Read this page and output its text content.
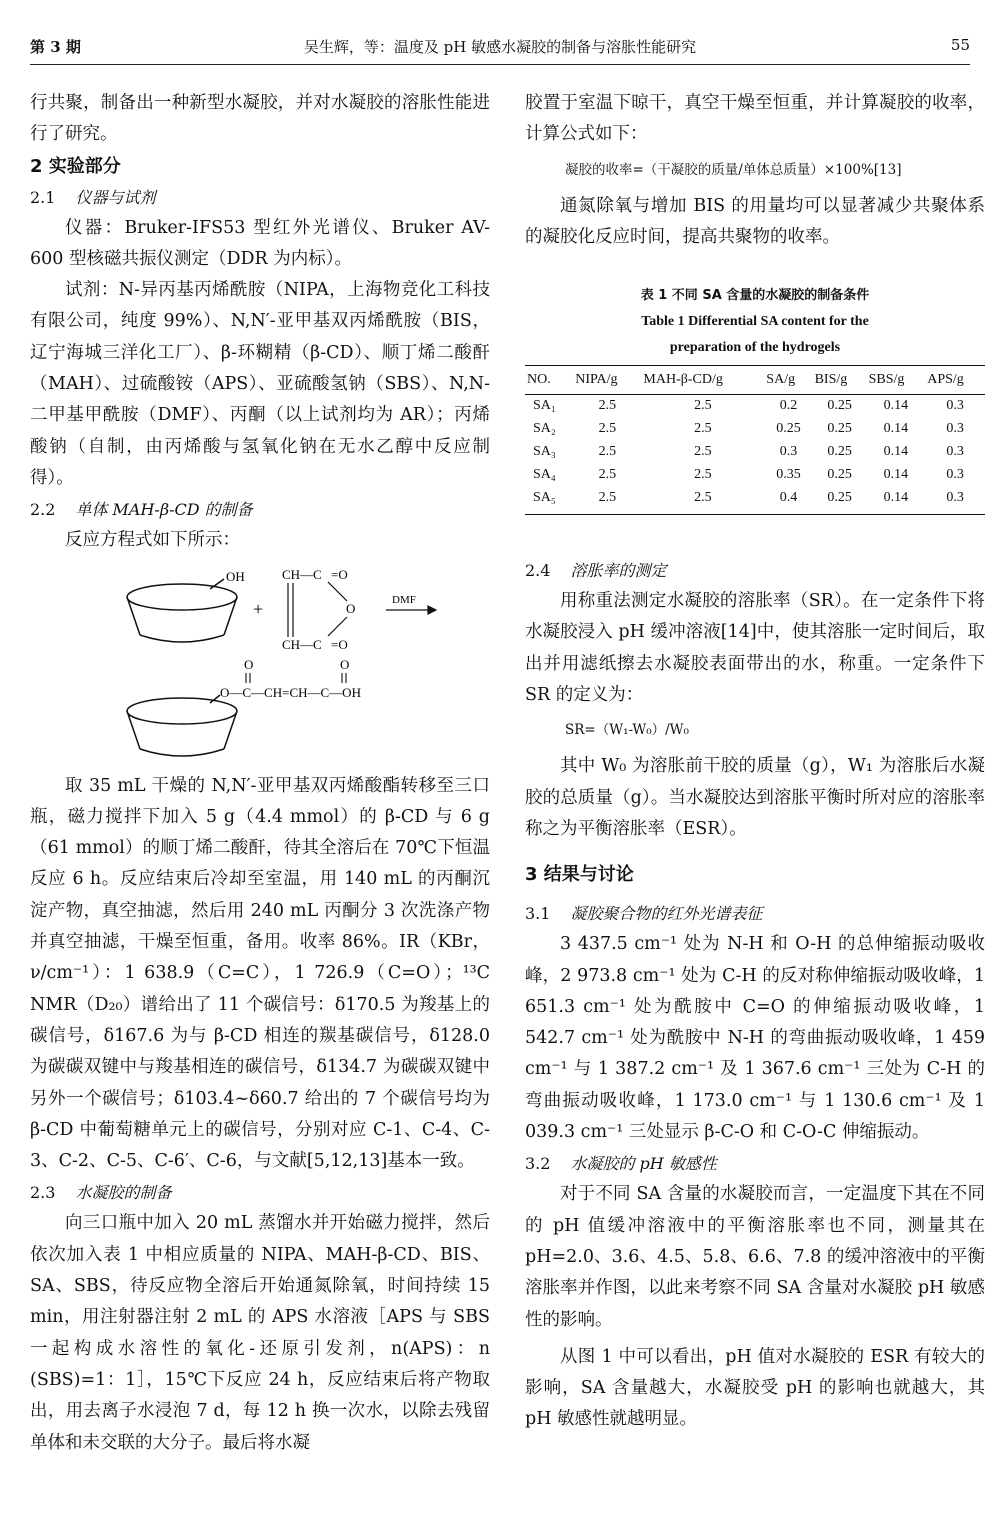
第 3 期	吴生辉，等：温度及 pH 敏感水凝胶的制备与溶胀性能研究	55

行共聚，制备出一种新型水凝胶，并对水凝胶的溶胀性能进行了研究。

2 实验部分

2.1 仪器与试剂

仪器：Bruker-IFS53 型红外光谱仪、Bruker AV-600 型核磁共振仪测定（DDR 为内标）。

试剂：N-异丙基丙烯酰胺（NIPA，上海物竞化工科技有限公司，纯度 99%）、N,N′-亚甲基双丙烯酰胺（BIS，辽宁海城三洋化工厂）、β-环糊精（β-CD）、顺丁烯二酸酐（MAH）、过硫酸铵（APS）、亚硫酸氢钠（SBS）、N,N-二甲基甲酰胺（DMF）、丙酮（以上试剂均为 AR）；丙烯酸钠（自制，由丙烯酸与氢氧化钠在无水乙醇中反应制得）。

2.2 单体 MAH-β-CD 的制备

反应方程式如下所示：

OH
+
CH—C =O
O
CH—C =O
DMF
O	O
O—C—CH=CH—C—OH

取 35 mL 干燥的 N,N′-亚甲基双丙烯酸酯转移至三口瓶，磁力搅拌下加入 5 g（4.4 mmol）的 β-CD 与 6 g（61 mmol）的顺丁烯二酸酐，待其全溶后在 70℃下恒温反应 6 h。反应结束后冷却至室温，用 140 mL 的丙酮沉淀产物，真空抽滤，然后用 240 mL 丙酮分 3 次洗涤产物并真空抽滤，干燥至恒重，备用。收率 86%。IR（KBr，ν/cm⁻¹）：1 638.9（C=C），1 726.9（C=O）；¹³C NMR（D₂₀）谱给出了 11 个碳信号：δ170.5 为羧基上的碳信号，δ167.6 为与 β-CD 相连的羰基碳信号，δ128.0 为碳碳双键中与羧基相连的碳信号，δ134.7 为碳碳双键中另外一个碳信号；δ103.4~δ60.7 给出的 7 个碳信号均为 β-CD 中葡萄糖单元上的碳信号，分别对应 C-1、C-4、C-3、C-2、C-5、C-6′、C-6，与文献[5,12,13]基本一致。

2.3 水凝胶的制备

向三口瓶中加入 20 mL 蒸馏水并开始磁力搅拌，然后依次加入表 1 中相应质量的 NIPA、MAH-β-CD、BIS、SA、SBS，待反应物全溶后开始通氮除氧，时间持续 15 min，用注射器注射 2 mL 的 APS 水溶液［APS 与 SBS 一起构成水溶性的氧化-还原引发剂，n(APS)：n (SBS)=1：1］，15℃下反应 24 h，反应结束后将产物取出，用去离子水浸泡 7 d，每 12 h 换一次水，以除去残留单体和未交联的大分子。最后将水凝

胶置于室温下晾干，真空干燥至恒重，并计算凝胶的收率，计算公式如下：

凝胶的收率=（干凝胶的质量/单体总质量）×100%[13]

通氮除氧与增加 BIS 的用量均可以显著减少共聚体系的凝胶化反应时间，提高共聚物的收率。

表 1 不同 SA 含量的水凝胶的制备条件

Table 1 Differential SA content for the

preparation of the hydrogels

NO.	NIPA/g	MAH-β-CD/g	SA/g	BIS/g	SBS/g	APS/g
SA₁	2.5	2.5	0.2	0.25	0.14	0.3
SA₂	2.5	2.5	0.25	0.25	0.14	0.3
SA₃	2.5	2.5	0.3	0.25	0.14	0.3
SA₄	2.5	2.5	0.35	0.25	0.14	0.3
SA₅	2.5	2.5	0.4	0.25	0.14	0.3

2.4 溶胀率的测定

用称重法测定水凝胶的溶胀率（SR）。在一定条件下将水凝胶浸入 pH 缓冲溶液[14]中，使其溶胀一定时间后，取出并用滤纸擦去水凝胶表面带出的水，称重。一定条件下SR 的定义为：

SR=（W₁-W₀）/W₀

其中 W₀ 为溶胀前干胶的质量（g），W₁ 为溶胀后水凝胶的总质量（g）。当水凝胶达到溶胀平衡时所对应的溶胀率称之为平衡溶胀率（ESR）。

3 结果与讨论

3.1 凝胶聚合物的红外光谱表征

3 437.5 cm⁻¹ 处为 N-H 和 O-H 的总伸缩振动吸收峰，2 973.8 cm⁻¹ 处为 C-H 的反对称伸缩振动吸收峰，1 651.3 cm⁻¹ 处为酰胺中 C=O 的伸缩振动吸收峰，1 542.7 cm⁻¹ 处为酰胺中 N-H 的弯曲振动吸收峰，1 459 cm⁻¹ 与 1 387.2 cm⁻¹ 及 1 367.6 cm⁻¹ 三处为 C-H 的弯曲振动吸收峰，1 173.0 cm⁻¹ 与 1 130.6 cm⁻¹ 及 1 039.3 cm⁻¹ 三处显示 β-C-O 和 C-O-C 伸缩振动。

3.2 水凝胶的 pH 敏感性

对于不同 SA 含量的水凝胶而言，一定温度下其在不同的 pH 值缓冲溶液中的平衡溶胀率也不同，测量其在 pH=2.0、3.6、4.5、5.8、6.6、7.8 的缓冲溶液中的平衡溶胀率并作图，以此来考察不同 SA 含量对水凝胶 pH 敏感性的影响。

从图 1 中可以看出，pH 值对水凝胶的 ESR 有较大的影响，SA 含量越大，水凝胶受 pH 的影响也就越大，其 pH 敏感性就越明显。
